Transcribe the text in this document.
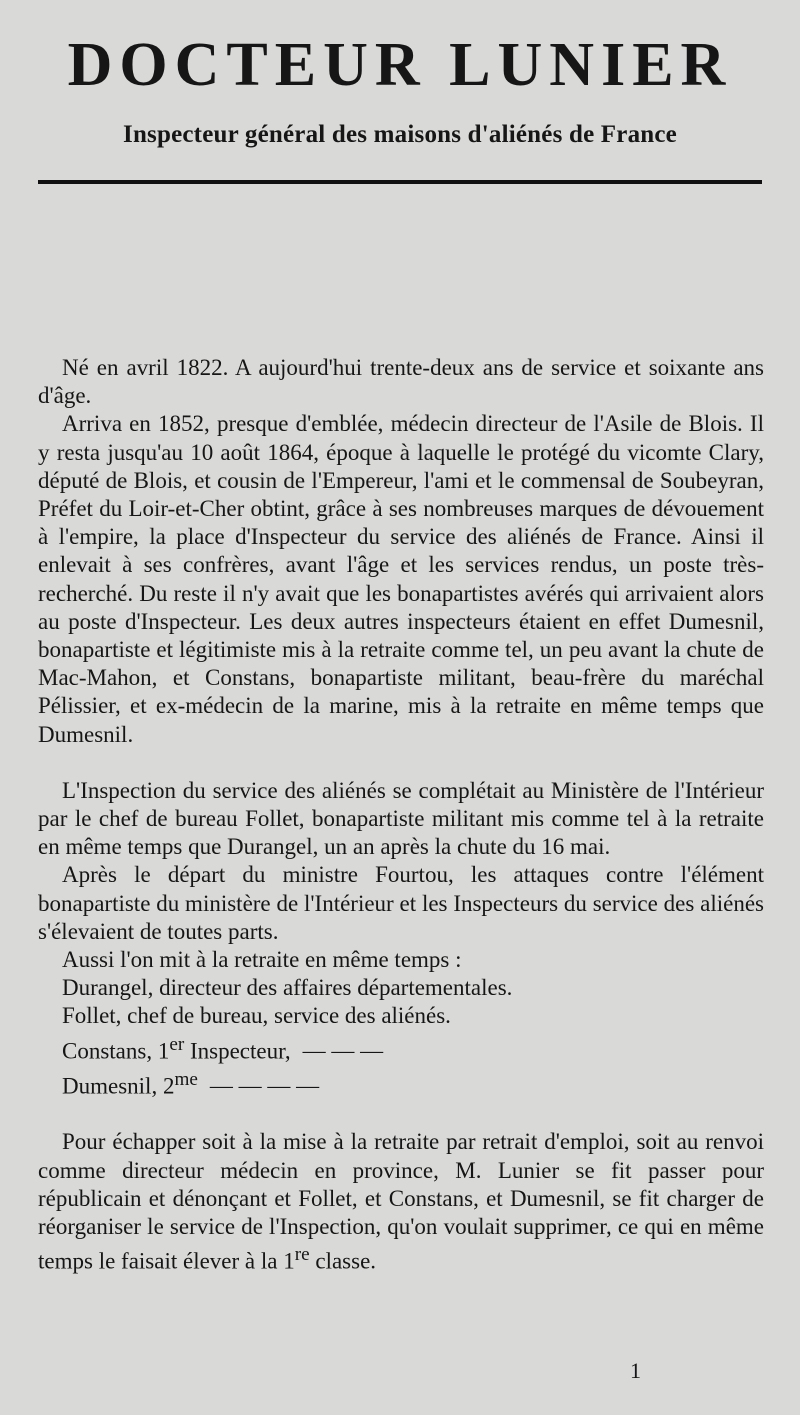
DOCTEUR LUNIER
Inspecteur général des maisons d'aliénés de France

Né en avril 1822. A aujourd'hui trente-deux ans de service et soixante ans d'âge.

Arriva en 1852, presque d'emblée, médecin directeur de l'Asile de Blois. Il y resta jusqu'au 10 août 1864, époque à laquelle le protégé du vicomte Clary, député de Blois, et cousin de l'Empereur, l'ami et le commensal de Soubeyran, Préfet du Loir-et-Cher obtint, grâce à ses nombreuses marques de dévouement à l'empire, la place d'Inspecteur du service des aliénés de France. Ainsi il enlevait à ses confrères, avant l'âge et les services rendus, un poste très-recherché. Du reste il n'y avait que les bonapartistes avérés qui arrivaient alors au poste d'Inspecteur. Les deux autres inspecteurs étaient en effet Dumesnil, bonapartiste et légitimiste mis à la retraite comme tel, un peu avant la chute de Mac-Mahon, et Constans, bonapartiste militant, beau-frère du maréchal Pélissier, et ex-médecin de la marine, mis à la retraite en même temps que Dumesnil.

L'Inspection du service des aliénés se complétait au Ministère de l'Intérieur par le chef de bureau Follet, bonapartiste militant mis comme tel à la retraite en même temps que Durangel, un an après la chute du 16 mai.

Après le départ du ministre Fourtou, les attaques contre l'élément bonapartiste du ministère de l'Intérieur et les Inspecteurs du service des aliénés s'élevaient de toutes parts.

Aussi l'on mit à la retraite en même temps :
Durangel, directeur des affaires départementales.
Follet, chef de bureau, service des aliénés.
Constans, 1er Inspecteur, — — —
Dumesnil, $2^{me}$ — — — —

Pour échapper soit à la mise à la retraite par retrait d'emploi, soit au renvoi comme directeur médecin en province, M. Lunier se fit passer pour républicain et dénonçant et Follet, et Constans, et Dumesnil, se fit charger de réorganiser le service de l'Inspection, qu'on voulait supprimer, ce qui en même temps le faisait élever à la 1re classe.

1
